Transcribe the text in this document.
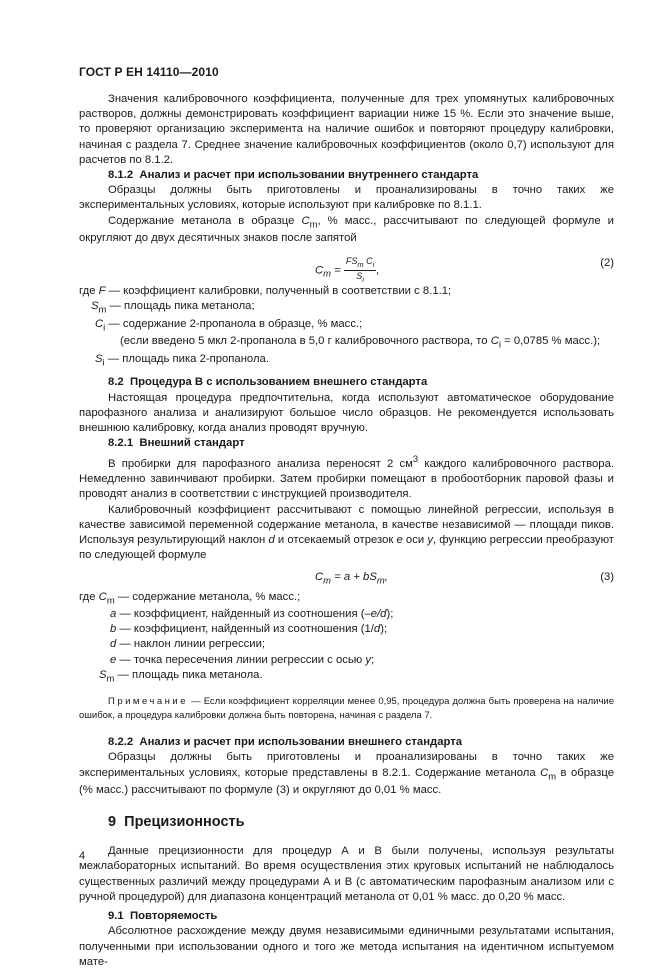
ГОСТ Р ЕН 14110—2010

Значения калибровочного коэффициента, полученные для трех упомянутых калибровочных растворов, должны демонстрировать коэффициент вариации ниже 15 %. Если это значение выше, то проверяют организацию эксперимента на наличие ошибок и повторяют процедуру калибровки, начиная с раздела 7. Среднее значение калибровочных коэффициентов (около 0,7) используют для расчетов по 8.1.2.

8.1.2 Анализ и расчет при использовании внутреннего стандарта

Образцы должны быть приготовлены и проанализированы в точно таких же экспериментальных условиях, которые используют при калибровке по 8.1.1.

Содержание метанола в образце $C_m$, % масс., рассчитывают по следующей формуле и округляют до двух десятичных знаков после запятой

$C_m = \frac{FS_m C_i}{S_i}$ ,
(2)

где F — коэффициент калибровки, полученный в соответствии с 8.1.1;

$S_m$ — площадь пика метанола;

$C_i$ — содержание 2-пропанола в образце, % масс.;

(если введено 5 мкл 2-пропанола в 5,0 г калибровочного раствора, то $C_i = 0,0785$ % масс.);

$S_i$ — площадь пика 2-пропанола.

8.2 Процедура В с использованием внешнего стандарта

Настоящая процедура предпочтительна, когда используют автоматическое оборудование парофазного анализа и анализируют большое число образцов. Не рекомендуется использовать внешнюю калибровку, когда анализ проводят вручную.

8.2.1 Внешний стандарт

В пробирки для парофазного анализа переносят 2 $см^3$ каждого калибровочного раствора. Немедленно завинчивают пробирки. Затем пробирки помещают в пробоотборник паровой фазы и проводят анализ в соответствии с инструкцией производителя.

Калибровочный коэффициент рассчитывают с помощью линейной регрессии, используя в качестве зависимой переменной содержание метанола, в качестве независимой — площади пиков. Используя результирующий наклон d и отсекаемый отрезок e оси y, функцию регрессии преобразуют по следующей формуле

$C_m = a + bS_m$,	(3)

где $C_m$ — содержание метанола, % масс.;

a — коэффициент, найденный из соотношения (–e/d);

b — коэффициент, найденный из соотношения (1/d);

d — наклон линии регрессии;

e — точка пересечения линии регрессии с осью y;

$S_m$ — площадь пика метанола.

Примечание — Если коэффициент корреляции менее 0,95, процедура должна быть проверена на наличие ошибок, а процедура калибровки должна быть повторена, начиная с раздела 7.

8.2.2 Анализ и расчет при использовании внешнего стандарта

Образцы должны быть приготовлены и проанализированы в точно таких же экспериментальных условиях, которые представлены в 8.2.1. Содержание метанола $C_m$ в образце (% масс.) рассчитывают по формуле (3) и округляют до 0,01 % масс.

9 Прецизионность

Данные прецизионности для процедур А и В были получены, используя результаты межлабораторных испытаний. Во время осуществления этих круговых испытаний не наблюдалось существенных различий между процедурами А и В (с автоматическим парофазным анализом или с ручной процедурой) для диапазона концентраций метанола от 0,01 % масс. до 0,20 % масс.

9.1 Повторяемость

Абсолютное расхождение между двумя независимыми единичными результатами испытания, полученными при использовании одного и того же метода испытания на идентичном испытуемом мате-

4
